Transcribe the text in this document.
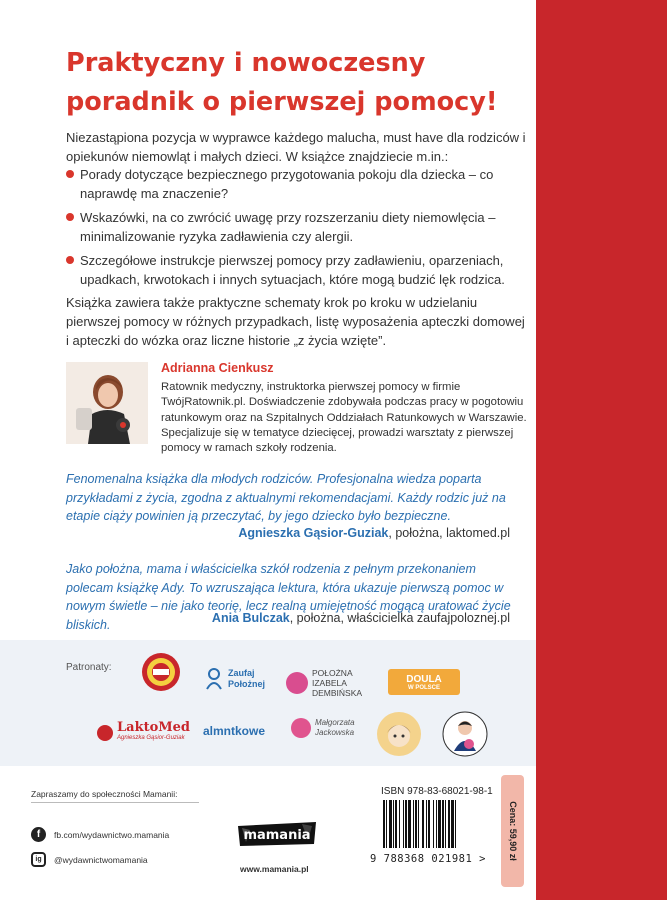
Praktyczny i nowoczesny
poradnik o pierwszej pomocy!

Niezastąpiona pozycja w wyprawce każdego malucha, must have dla rodziców i opiekunów niemowląt i małych dzieci. W książce znajdziecie m.in.:

Porady dotyczące bezpiecznego przygotowania pokoju dla dziecka – co naprawdę ma znaczenie?
Wskazówki, na co zwrócić uwagę przy rozszerzaniu diety niemowlęcia – minimalizowanie ryzyka zadławienia czy alergii.
Szczegółowe instrukcje pierwszej pomocy przy zadławieniu, oparzeniach, upadkach, krwotokach i innych sytuacjach, które mogą budzić lęk rodzica.

Książka zawiera także praktyczne schematy krok po kroku w udzielaniu pierwszej pomocy w różnych przypadkach, listę wyposażenia apteczki domowej i apteczki do wózka oraz liczne historie „z życia wzięte”.

Adrianna Cienkusz

Ratownik medyczny, instruktorka pierwszej pomocy w firmie TwójRatownik.pl. Doświadczenie zdobywała podczas pracy w pogotowiu ratunkowym oraz na Szpitalnych Oddziałach Ratunkowych w Warszawie. Specjalizuje się w tematyce dziecięcej, prowadzi warsztaty z pierwszej pomocy w ramach szkoły rodzenia.

Fenomenalna książka dla młodych rodziców. Profesjonalna wiedza poparta przykładami z życia, zgodna z aktualnymi rekomendacjami. Każdy rodzic już na etapie ciąży powinien ją przeczytać, by jego dziecko było bezpieczne.

Agnieszka Gąsior-Guziak, położna, laktomed.pl

Jako położna, mama i właścicielka szkół rodzenia z pełnym przekonaniem polecam książkę Ady. To wzruszająca lektura, która ukazuje pierwszą pomoc w nowym świetle – nie jako teorię, lecz realną umiejętność mogącą uratować życie bliskich.	Ania Bulczak, położna, właścicielka zaufajpoloznej.pl

Patronaty:	Zaufaj
Położnej
POŁOŻNA
IZABELA
DEMBIŃSKA
DOULA
W POLSCE
LaktoMed
Agnieszka Gąsior-Guziak	almntkowe
Małgorzata
Jackowska
Zapraszamy do społeczności Mamanii:
f	fb.com/wydawnictwo.mamania
ig	@wydawnictwomamania
mamania
www.mamania.pl
ISBN 978-83-68021-98-1
9 788368 021981 >	Cena: 59,90 zł
